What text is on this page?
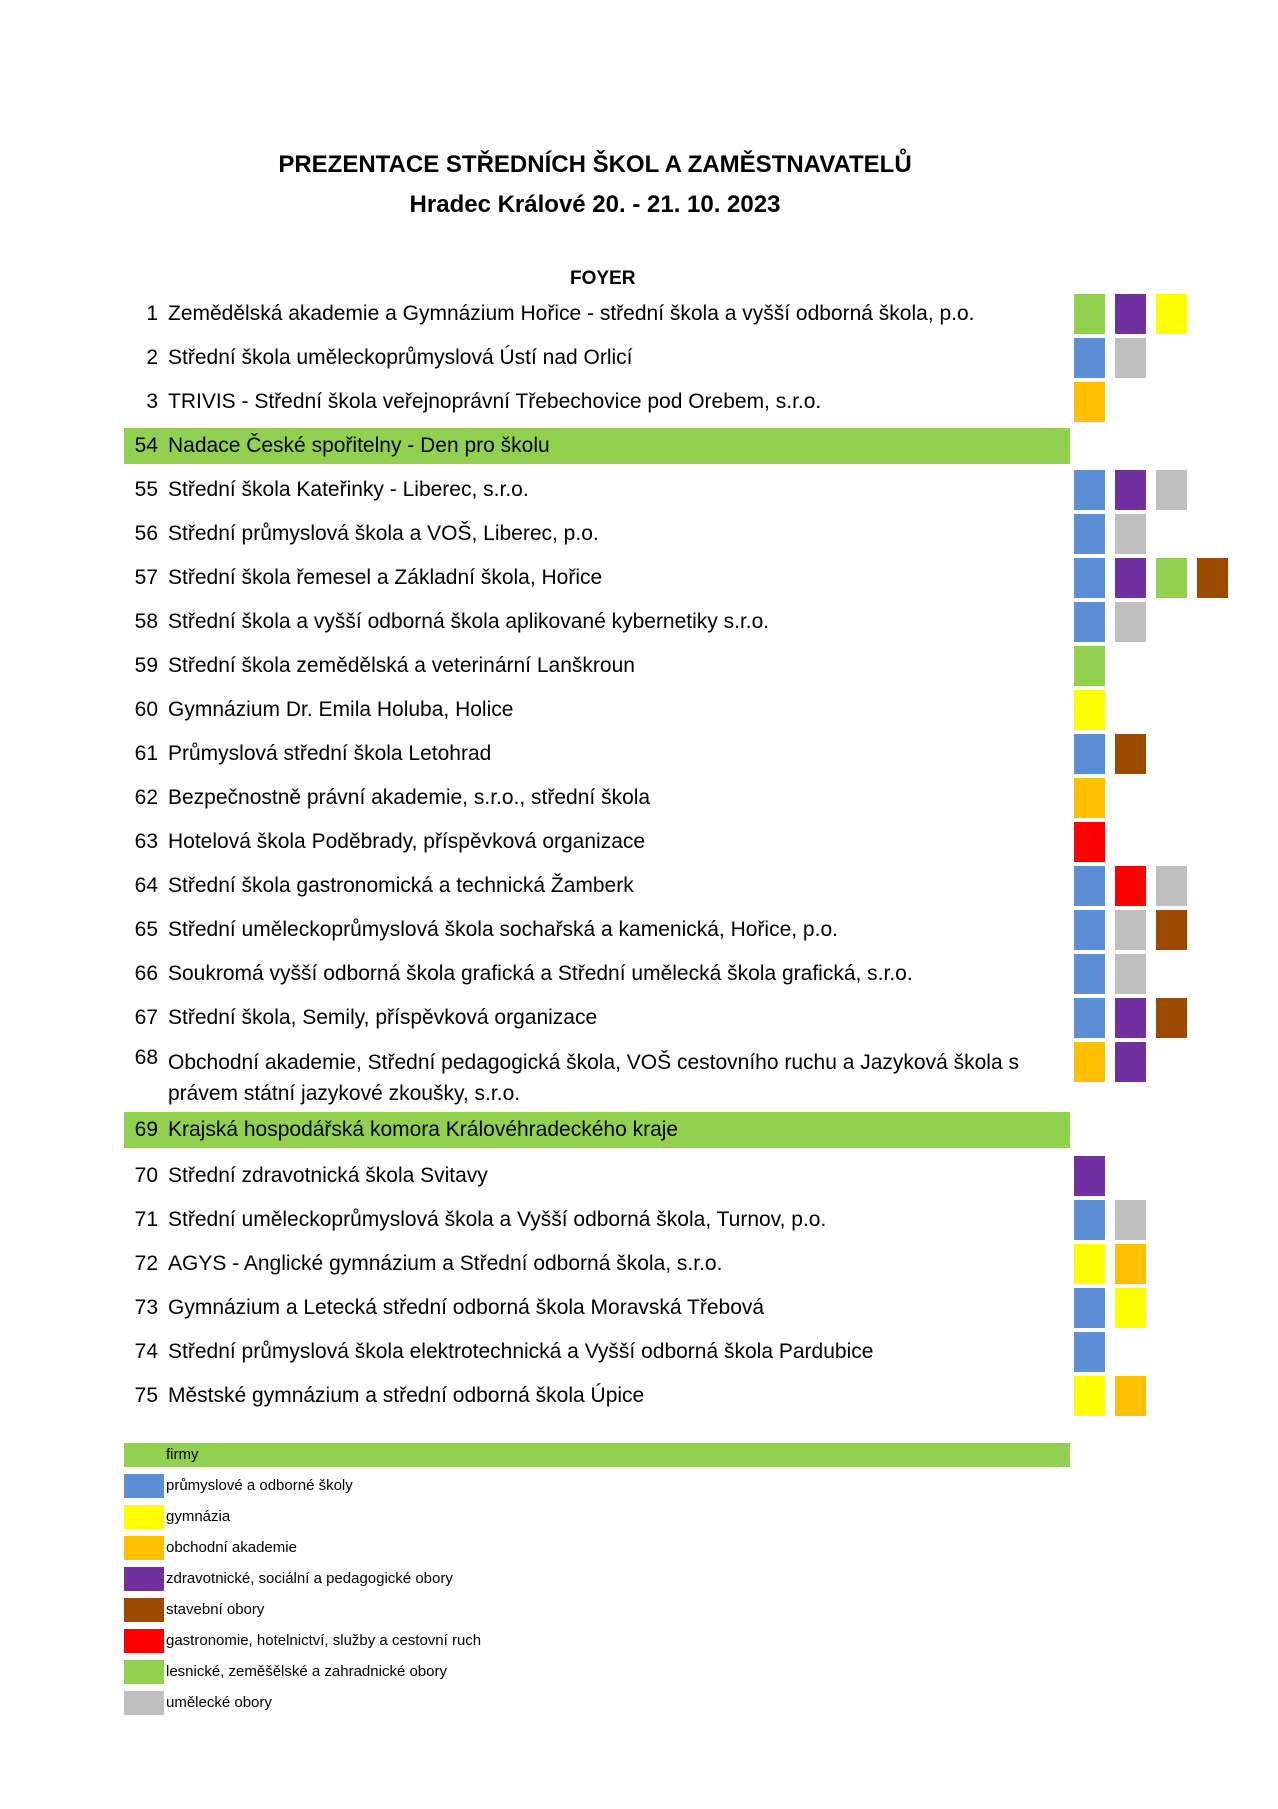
PREZENTACE STŘEDNÍCH ŠKOL A ZAMĚSTNAVATELŮ
Hradec Králové 20. - 21. 10. 2023
FOYER
1 Zemědělská akademie a Gymnázium Hořice - střední škola a vyšší odborná škola, p.o.
2 Střední škola uměleckoprůmyslová Ústí nad Orlicí
3 TRIVIS - Střední škola veřejnoprávní Třebechovice pod Orebem, s.r.o.
54 Nadace České spořitelny - Den pro školu
55 Střední škola Kateřinky - Liberec, s.r.o.
56 Střední průmyslová škola a VOŠ, Liberec, p.o.
57 Střední škola řemesel a Základní škola, Hořice
58 Střední škola a vyšší odborná škola aplikované kybernetiky s.r.o.
59 Střední škola zemědělská a veterinární Lanškroun
60 Gymnázium Dr. Emila Holuba, Holice
61 Průmyslová střední škola Letohrad
62 Bezpečnostně právní akademie, s.r.o., střední škola
63 Hotelová škola Poděbrady, příspěvková organizace
64 Střední škola gastronomická a technická Žamberk
65 Střední uměleckoprůmyslová škola sochařská a kamenická, Hořice, p.o.
66 Soukromá vyšší odborná škola grafická a Střední umělecká škola grafická, s.r.o.
67 Střední škola, Semily, příspěvková organizace
68 Obchodní akademie, Střední pedagogická škola, VOŠ cestovního ruchu a Jazyková škola s právem státní jazykové zkoušky, s.r.o.
69 Krajská hospodářská komora Královéhradeckého kraje
70 Střední zdravotnická škola Svitavy
71 Střední uměleckoprůmyslová škola a Vyšší odborná škola, Turnov, p.o.
72 AGYS - Anglické gymnázium a Střední odborná škola, s.r.o.
73 Gymnázium a Letecká střední odborná škola Moravská Třebová
74 Střední průmyslová škola elektrotechnická a Vyšší odborná škola Pardubice
75 Městské gymnázium a střední odborná škola Úpice
firmy
průmyslové a odborné školy
gymnázia
obchodní akademie
zdravotnické, sociální a pedagogické obory
stavební obory
gastronomie, hotelnictví, služby a cestovní ruch
lesnické, zeměšělské a zahradnické obory
umělecké obory
